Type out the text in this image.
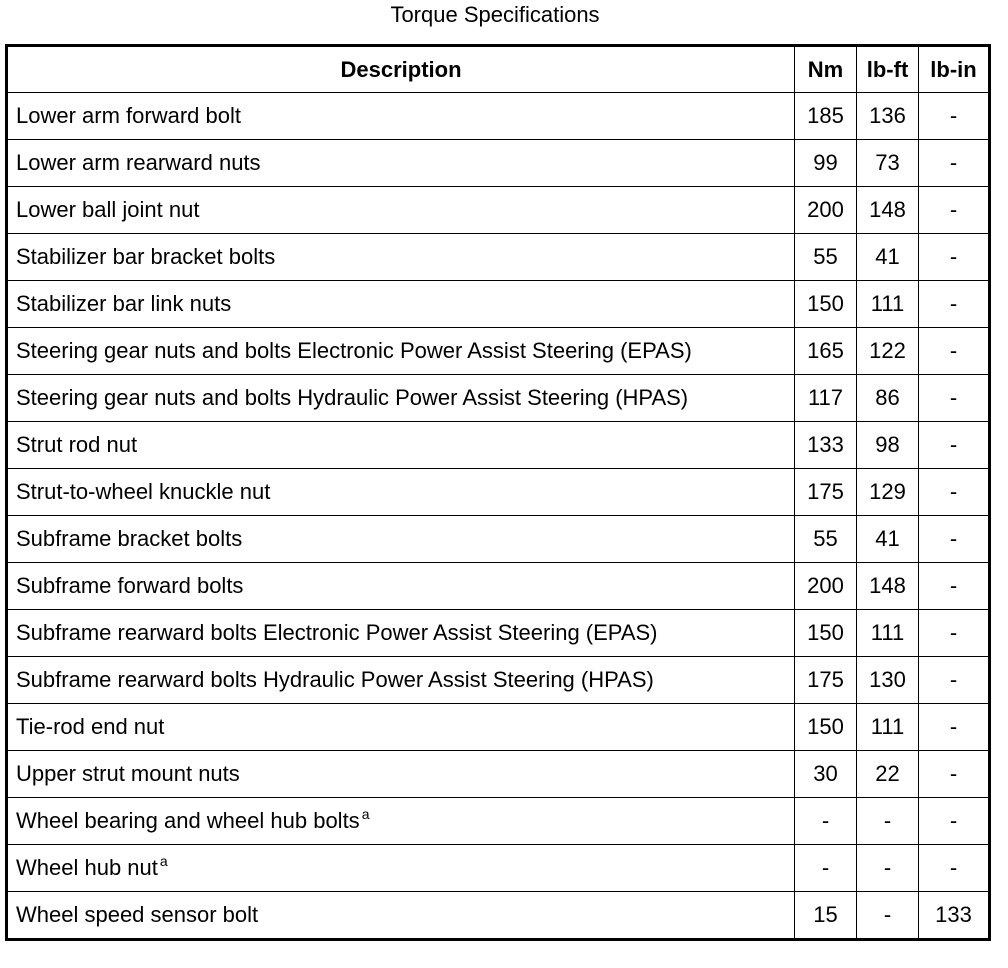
Torque Specifications
Description	Nm	lb-ft	lb-in
Lower arm forward bolt	185	136	-
Lower arm rearward nuts	99	73	-
Lower ball joint nut	200	148	-
Stabilizer bar bracket bolts	55	41	-
Stabilizer bar link nuts	150	111	-
Steering gear nuts and bolts Electronic Power Assist Steering (EPAS)	165	122	-
Steering gear nuts and bolts Hydraulic Power Assist Steering (HPAS)	117	86	-
Strut rod nut	133	98	-
Strut-to-wheel knuckle nut	175	129	-
Subframe bracket bolts	55	41	-
Subframe forward bolts	200	148	-
Subframe rearward bolts Electronic Power Assist Steering (EPAS)	150	111	-
Subframe rearward bolts Hydraulic Power Assist Steering (HPAS)	175	130	-
Tie-rod end nut	150	111	-
Upper strut mount nuts	30	22	-
Wheel bearing and wheel hub bolts $^a$	-	-	-
Wheel hub nut $^a$	-	-	-
Wheel speed sensor bolt	15	-	133
